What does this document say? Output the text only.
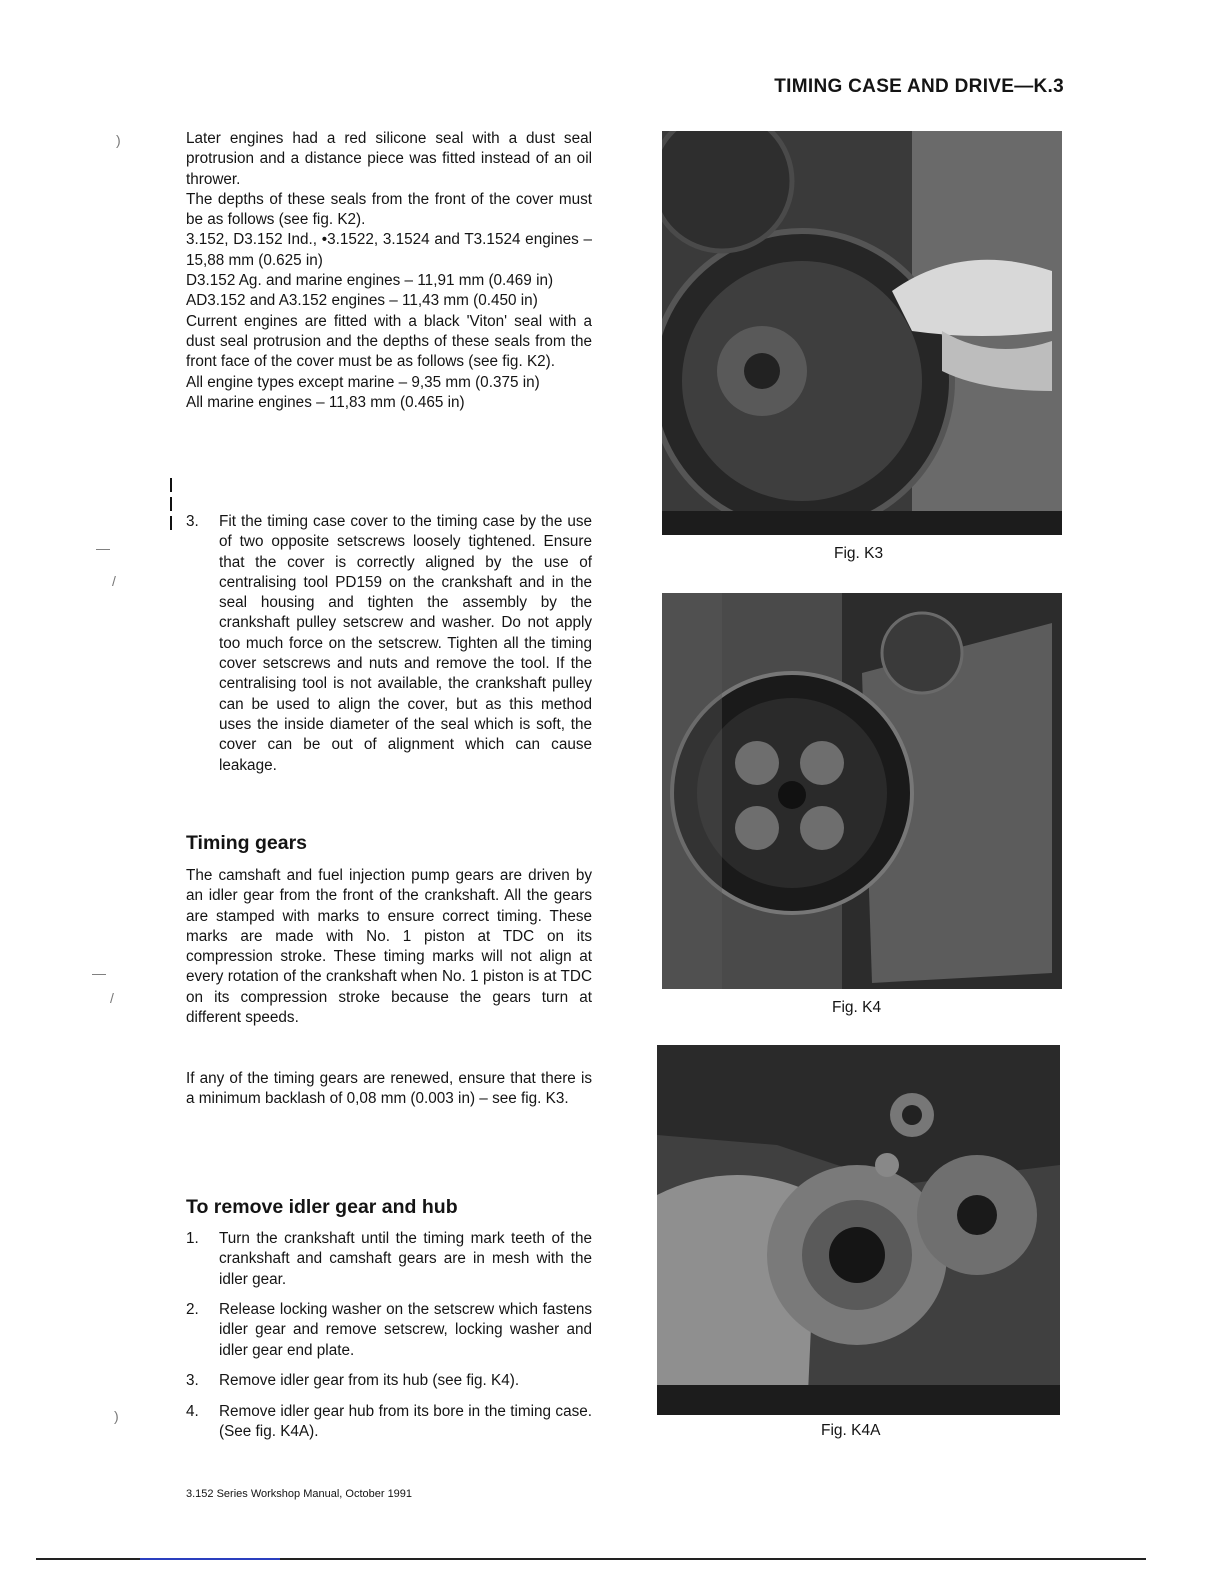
TIMING CASE AND DRIVE—K.3

Later engines had a red silicone seal with a dust seal protrusion and a distance piece was fitted instead of an oil thrower.

The depths of these seals from the front of the cover must be as follows (see fig. K2).

3.152, D3.152 Ind., •3.1522, 3.1524 and T3.1524 engines – 15,88 mm (0.625 in)

D3.152 Ag. and marine engines – 11,91 mm (0.469 in)

AD3.152 and A3.152 engines – 11,43 mm (0.450 in)

Current engines are fitted with a black 'Viton' seal with a dust seal protrusion and the depths of these seals from the front face of the cover must be as follows (see fig. K2).

All engine types except marine – 9,35 mm (0.375 in)

All marine engines – 11,83 mm (0.465 in)

3. Fit the timing case cover to the timing case by the use of two opposite setscrews loosely tightened. Ensure that the cover is correctly aligned by the use of centralising tool PD159 on the crankshaft and in the seal housing and tighten the assembly by the crankshaft pulley setscrew and washer. Do not apply too much force on the setscrew. Tighten all the timing cover setscrews and nuts and remove the tool. If the centralising tool is not available, the crankshaft pulley can be used to align the cover, but as this method uses the inside diameter of the seal which is soft, the cover can be out of alignment which can cause leakage.
Timing gears
The camshaft and fuel injection pump gears are driven by an idler gear from the front of the crankshaft. All the gears are stamped with marks to ensure correct timing. These marks are made with No. 1 piston at TDC on its compression stroke. These timing marks will not align at every rotation of the crankshaft when No. 1 piston is at TDC on its compression stroke because the gears turn at different speeds.
If any of the timing gears are renewed, ensure that there is a minimum backlash of 0,08 mm (0.003 in) – see fig. K3.
To remove idler gear and hub
1. Turn the crankshaft until the timing mark teeth of the crankshaft and camshaft gears are in mesh with the idler gear.
2. Release locking washer on the setscrew which fastens idler gear and remove setscrew, locking washer and idler gear end plate.
3. Remove idler gear from its hub (see fig. K4).
4. Remove idler gear hub from its bore in the timing case. (See fig. K4A).
Fig. K3
Fig. K4
Fig. K4A
)
—
/
—
/
)
3.152 Series Workshop Manual, October 1991
